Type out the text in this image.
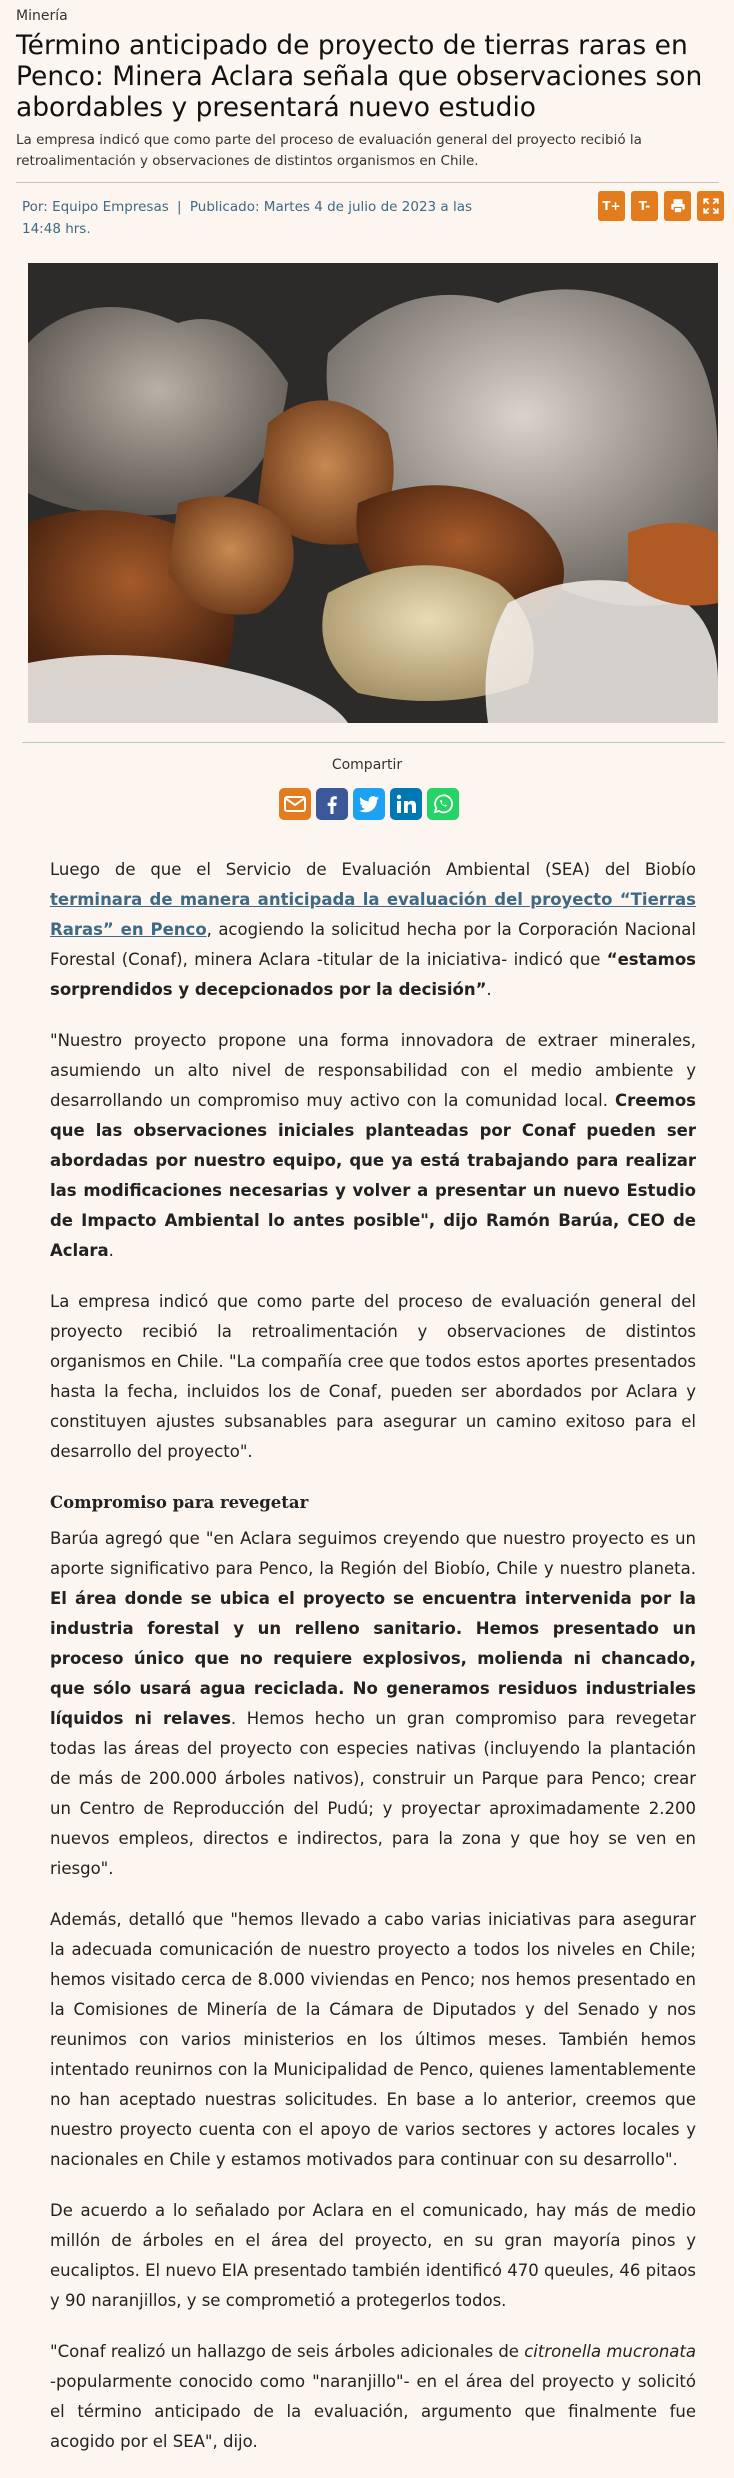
Minería
Término anticipado de proyecto de tierras raras en Penco: Minera Aclara señala que observaciones son abordables y presentará nuevo estudio

La empresa indicó que como parte del proceso de evaluación general del proyecto recibió la retroalimentación y observaciones de distintos organismos en Chile.

Por: Equipo Empresas | Publicado: Martes 4 de julio de 2023 a las 14:48 hrs.
T+	T-
Compartir

Luego de que el Servicio de Evaluación Ambiental (SEA) del Biobío terminara de manera anticipada la evaluación del proyecto “Tierras Raras” en Penco, acogiendo la solicitud hecha por la Corporación Nacional Forestal (Conaf), minera Aclara -titular de la iniciativa- indicó que “estamos sorprendidos y decepcionados por la decisión”.

"Nuestro proyecto propone una forma innovadora de extraer minerales, asumiendo un alto nivel de responsabilidad con el medio ambiente y desarrollando un compromiso muy activo con la comunidad local. Creemos que las observaciones iniciales planteadas por Conaf pueden ser abordadas por nuestro equipo, que ya está trabajando para realizar las modificaciones necesarias y volver a presentar un nuevo Estudio de Impacto Ambiental lo antes posible", dijo Ramón Barúa, CEO de Aclara.

La empresa indicó que como parte del proceso de evaluación general del proyecto recibió la retroalimentación y observaciones de distintos organismos en Chile. "La compañía cree que todos estos aportes presentados hasta la fecha, incluidos los de Conaf, pueden ser abordados por Aclara y constituyen ajustes subsanables para asegurar un camino exitoso para el desarrollo del proyecto".

Compromiso para revegetar

Barúa agregó que "en Aclara seguimos creyendo que nuestro proyecto es un aporte significativo para Penco, la Región del Biobío, Chile y nuestro planeta. El área donde se ubica el proyecto se encuentra intervenida por la industria forestal y un relleno sanitario. Hemos presentado un proceso único que no requiere explosivos, molienda ni chancado, que sólo usará agua reciclada. No generamos residuos industriales líquidos ni relaves. Hemos hecho un gran compromiso para revegetar todas las áreas del proyecto con especies nativas (incluyendo la plantación de más de 200.000 árboles nativos), construir un Parque para Penco; crear un Centro de Reproducción del Pudú; y proyectar aproximadamente 2.200 nuevos empleos, directos e indirectos, para la zona y que hoy se ven en riesgo".

Además, detalló que "hemos llevado a cabo varias iniciativas para asegurar la adecuada comunicación de nuestro proyecto a todos los niveles en Chile; hemos visitado cerca de 8.000 viviendas en Penco; nos hemos presentado en la Comisiones de Minería de la Cámara de Diputados y del Senado y nos reunimos con varios ministerios en los últimos meses. También hemos intentado reunirnos con la Municipalidad de Penco, quienes lamentablemente no han aceptado nuestras solicitudes. En base a lo anterior, creemos que nuestro proyecto cuenta con el apoyo de varios sectores y actores locales y nacionales en Chile y estamos motivados para continuar con su desarrollo".

De acuerdo a lo señalado por Aclara en el comunicado, hay más de medio millón de árboles en el área del proyecto, en su gran mayoría pinos y eucaliptos. El nuevo EIA presentado también identificó 470 queules, 46 pitaos y 90 naranjillos, y se comprometió a protegerlos todos.

"Conaf realizó un hallazgo de seis árboles adicionales de citronella mucronata -popularmente conocido como "naranjillo"- en el área del proyecto y solicitó el término anticipado de la evaluación, argumento que finalmente fue acogido por el SEA", dijo.
